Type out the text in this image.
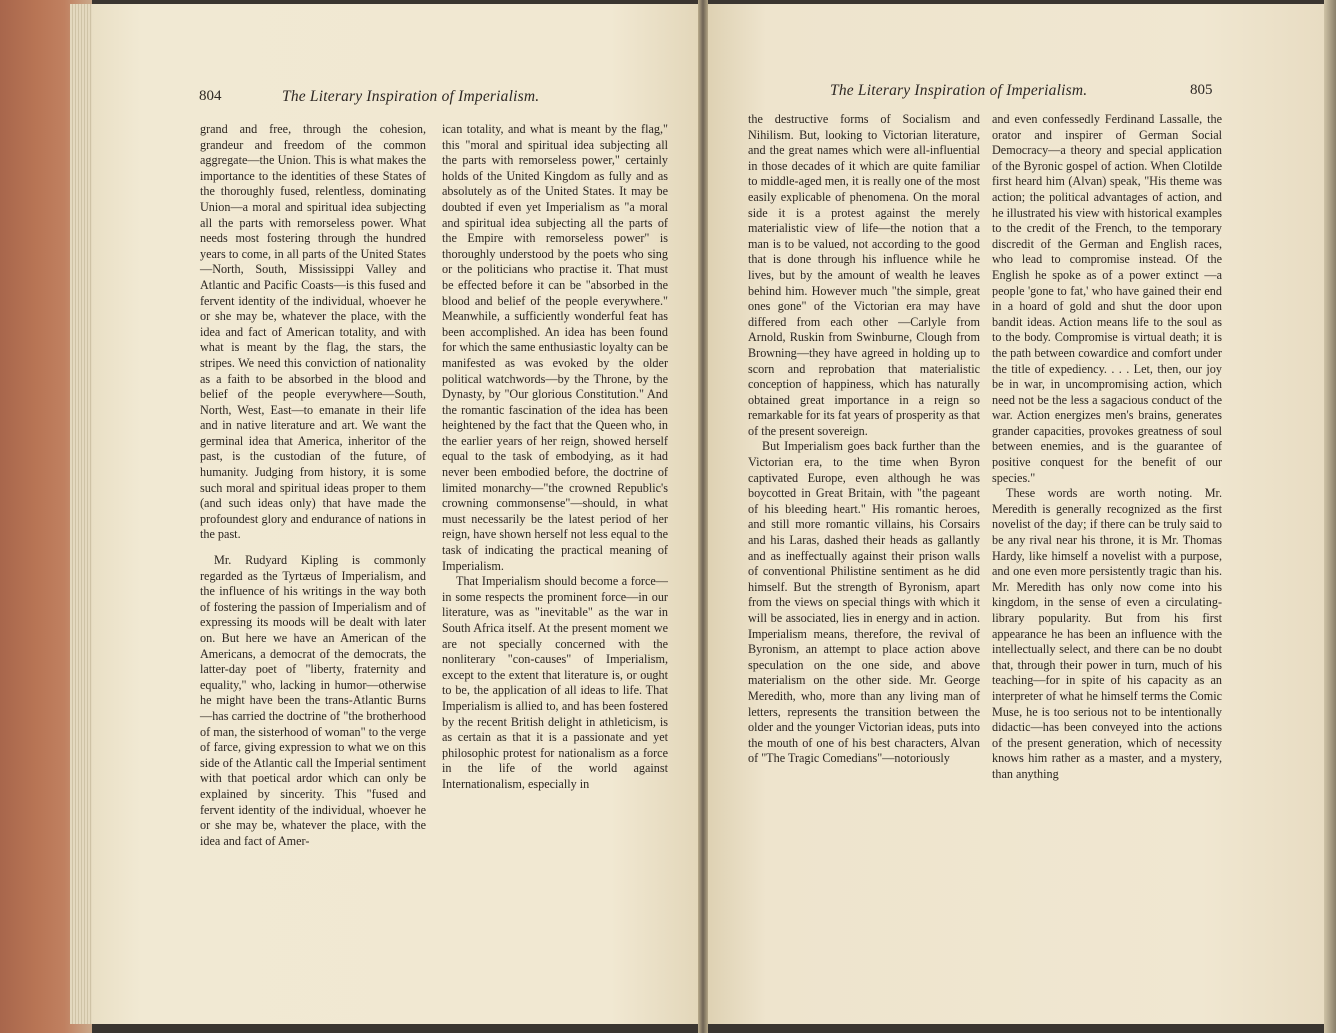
804	The Literary Inspiration of Imperialism.

grand and free, through the cohesion, grandeur and freedom of the common aggregate—the Union. This is what makes the importance to the identities of these States of the thoroughly fused, relentless, dominating Union—a moral and spiritual idea subjecting all the parts with remorseless power. What needs most fostering through the hundred years to come, in all parts of the United States—North, South, Mississippi Valley and Atlantic and Pacific Coasts—is this fused and fervent identity of the individual, whoever he or she may be, whatever the place, with the idea and fact of American totality, and with what is meant by the flag, the stars, the stripes. We need this conviction of nationality as a faith to be absorbed in the blood and belief of the people everywhere—South, North, West, East—to emanate in their life and in native literature and art. We want the germinal idea that America, inheritor of the past, is the custodian of the future, of humanity. Judging from history, it is some such moral and spiritual ideas proper to them (and such ideas only) that have made the profoundest glory and endurance of nations in the past.

Mr. Rudyard Kipling is commonly regarded as the Tyrtæus of Imperialism, and the influence of his writings in the way both of fostering the passion of Imperialism and of expressing its moods will be dealt with later on. But here we have an American of the Americans, a democrat of the democrats, the latter-day poet of "liberty, fraternity and equality," who, lacking in humor—otherwise he might have been the trans-Atlantic Burns—has carried the doctrine of "the brotherhood of man, the sisterhood of woman" to the verge of farce, giving expression to what we on this side of the Atlantic call the Imperial sentiment with that poetical ardor which can only be explained by sincerity. This "fused and fervent identity of the individual, whoever he or she may be, whatever the place, with the idea and fact of Amer-

ican totality, and what is meant by the flag," this "moral and spiritual idea subjecting all the parts with remorseless power," certainly holds of the United Kingdom as fully and as absolutely as of the United States. It may be doubted if even yet Imperialism as "a moral and spiritual idea subjecting all the parts of the Empire with remorseless power" is thoroughly understood by the poets who sing or the politicians who practise it. That must be effected before it can be "absorbed in the blood and belief of the people everywhere." Meanwhile, a sufficiently wonderful feat has been accomplished. An idea has been found for which the same enthusiastic loyalty can be manifested as was evoked by the older political watchwords—by the Throne, by the Dynasty, by "Our glorious Constitution." And the romantic fascination of the idea has been heightened by the fact that the Queen who, in the earlier years of her reign, showed herself equal to the task of embodying, as it had never been embodied before, the doctrine of limited monarchy—"the crowned Republic's crowning commonsense"—should, in what must necessarily be the latest period of her reign, have shown herself not less equal to the task of indicating the practical meaning of Imperialism.

That Imperialism should become a force—in some respects the prominent force—in our literature, was as "inevitable" as the war in South Africa itself. At the present moment we are not specially concerned with the nonliterary "con-causes" of Imperialism, except to the extent that literature is, or ought to be, the application of all ideas to life. That Imperialism is allied to, and has been fostered by the recent British delight in athleticism, is as certain as that it is a passionate and yet philosophic protest for nationalism as a force in the life of the world against Internationalism, especially in

The Literary Inspiration of Imperialism.	805

the destructive forms of Socialism and Nihilism. But, looking to Victorian literature, and the great names which were all-influential in those decades of it which are quite familiar to middle-aged men, it is really one of the most easily explicable of phenomena. On the moral side it is a protest against the merely materialistic view of life—the notion that a man is to be valued, not according to the good that is done through his influence while he lives, but by the amount of wealth he leaves behind him. However much "the simple, great ones gone" of the Victorian era may have differed from each other —Carlyle from Arnold, Ruskin from Swinburne, Clough from Browning—they have agreed in holding up to scorn and reprobation that materialistic conception of happiness, which has naturally obtained great importance in a reign so remarkable for its fat years of prosperity as that of the present sovereign.

But Imperialism goes back further than the Victorian era, to the time when Byron captivated Europe, even although he was boycotted in Great Britain, with "the pageant of his bleeding heart." His romantic heroes, and still more romantic villains, his Corsairs and his Laras, dashed their heads as gallantly and as ineffectually against their prison walls of conventional Philistine sentiment as he did himself. But the strength of Byronism, apart from the views on special things with which it will be associated, lies in energy and in action. Imperialism means, therefore, the revival of Byronism, an attempt to place action above speculation on the one side, and above materialism on the other side. Mr. George Meredith, who, more than any living man of letters, represents the transition between the older and the younger Victorian ideas, puts into the mouth of one of his best characters, Alvan of "The Tragic Comedians"—notoriously

and even confessedly Ferdinand Lassalle, the orator and inspirer of German Social Democracy—a theory and special application of the Byronic gospel of action. When Clotilde first heard him (Alvan) speak, "His theme was action; the political advantages of action, and he illustrated his view with historical examples to the credit of the French, to the temporary discredit of the German and English races, who lead to compromise instead. Of the English he spoke as of a power extinct —a people 'gone to fat,' who have gained their end in a hoard of gold and shut the door upon bandit ideas. Action means life to the soul as to the body. Compromise is virtual death; it is the path between cowardice and comfort under the title of expediency. . . . Let, then, our joy be in war, in uncompromising action, which need not be the less a sagacious conduct of the war. Action energizes men's brains, generates grander capacities, provokes greatness of soul between enemies, and is the guarantee of positive conquest for the benefit of our species."

These words are worth noting. Mr. Meredith is generally recognized as the first novelist of the day; if there can be truly said to be any rival near his throne, it is Mr. Thomas Hardy, like himself a novelist with a purpose, and one even more persistently tragic than his. Mr. Meredith has only now come into his kingdom, in the sense of even a circulating-library popularity. But from his first appearance he has been an influence with the intellectually select, and there can be no doubt that, through their power in turn, much of his teaching—for in spite of his capacity as an interpreter of what he himself terms the Comic Muse, he is too serious not to be intentionally didactic—has been conveyed into the actions of the present generation, which of necessity knows him rather as a master, and a mystery, than anything
